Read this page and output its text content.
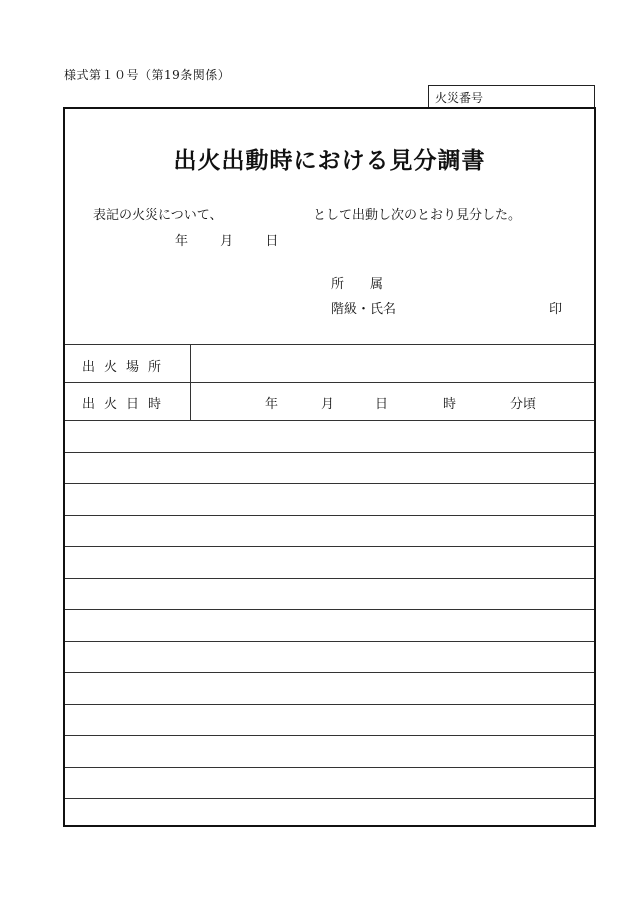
様式第１０号（第19条関係）
火災番号
出火出動時における見分調書
表記の火災について、	として出動し次のとおり見分した。
年 月 日
所　　属
階級・氏名	印
出火場所
出火日時	年	月	日	時	分頃
